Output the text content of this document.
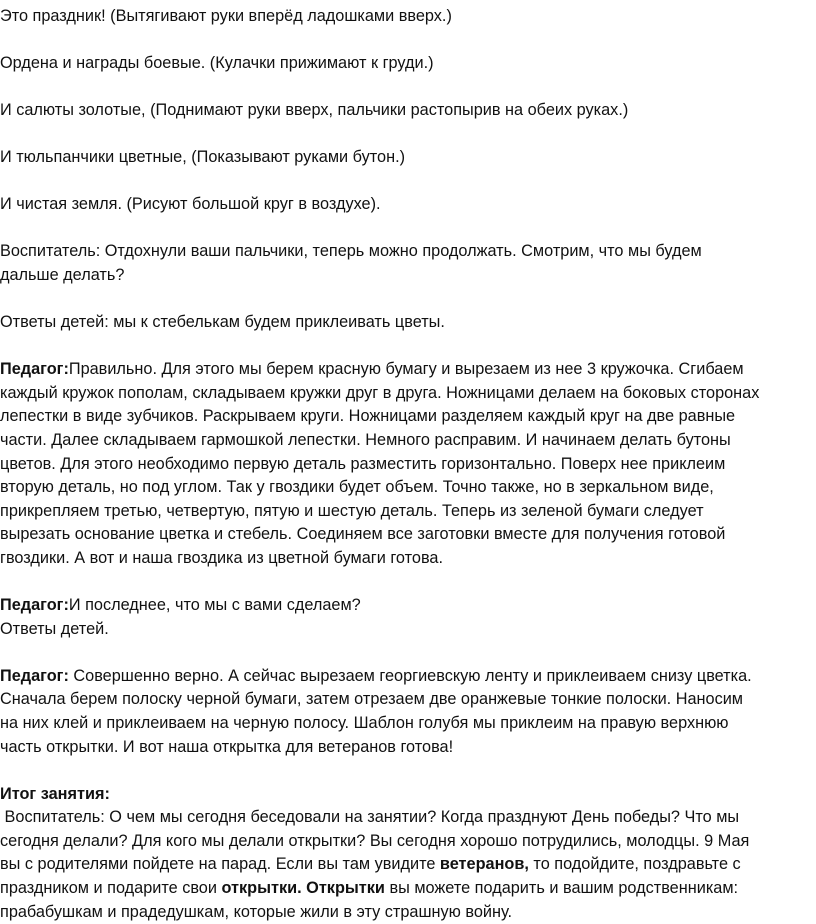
Это праздник! (Вытягивают руки вперёд ладошками вверх.)

Ордена и награды боевые. (Кулачки прижимают к груди.)

И салюты золотые, (Поднимают руки вверх, пальчики растопырив на обеих руках.)

И тюльпанчики цветные, (Показывают руками бутон.)

И чистая земля. (Рисуют большой круг в воздухе).

Воспитатель: Отдохнули ваши пальчики, теперь можно продолжать. Смотрим, что мы будем
дальше делать?

Ответы детей: мы к стебелькам будем приклеивать цветы.

Педагог:Правильно. Для этого мы берем красную бумагу и вырезаем из нее 3 кружочка. Сгибаем
каждый кружок пополам, складываем кружки друг в друга. Ножницами делаем на боковых сторонах
лепестки в виде зубчиков. Раскрываем круги. Ножницами разделяем каждый круг на две равные
части. Далее складываем гармошкой лепестки. Немного расправим. И начинаем делать бутоны
цветов. Для этого необходимо первую деталь разместить горизонтально. Поверх нее приклеим
вторую деталь, но под углом. Так у гвоздики будет объем. Точно также, но в зеркальном виде,
прикрепляем третью, четвертую, пятую и шестую деталь. Теперь из зеленой бумаги следует
вырезать основание цветка и стебель. Соединяем все заготовки вместе для получения готовой
гвоздики. А вот и наша гвоздика из цветной бумаги готова.

Педагог:И последнее, что мы с вами сделаем?
Ответы детей.

Педагог: Совершенно верно. А сейчас вырезаем георгиевскую ленту и приклеиваем снизу цветка.
Сначала берем полоску черной бумаги, затем отрезаем две оранжевые тонкие полоски. Наносим
на них клей и приклеиваем на черную полосу. Шаблон голубя мы приклеим на правую верхнюю
часть открытки. И вот наша открытка для ветеранов готова!

Итог занятия:
Воспитатель: О чем мы сегодня беседовали на занятии? Когда празднуют День победы? Что мы
сегодня делали? Для кого мы делали открытки? Вы сегодня хорошо потрудились, молодцы. 9 Мая
вы с родителями пойдете на парад. Если вы там увидите ветеранов, то подойдите, поздравьте с
праздником и подарите свои открытки. Открытки вы можете подарить и вашим родственникам:
прабабушкам и прадедушкам, которые жили в эту страшную войну.
